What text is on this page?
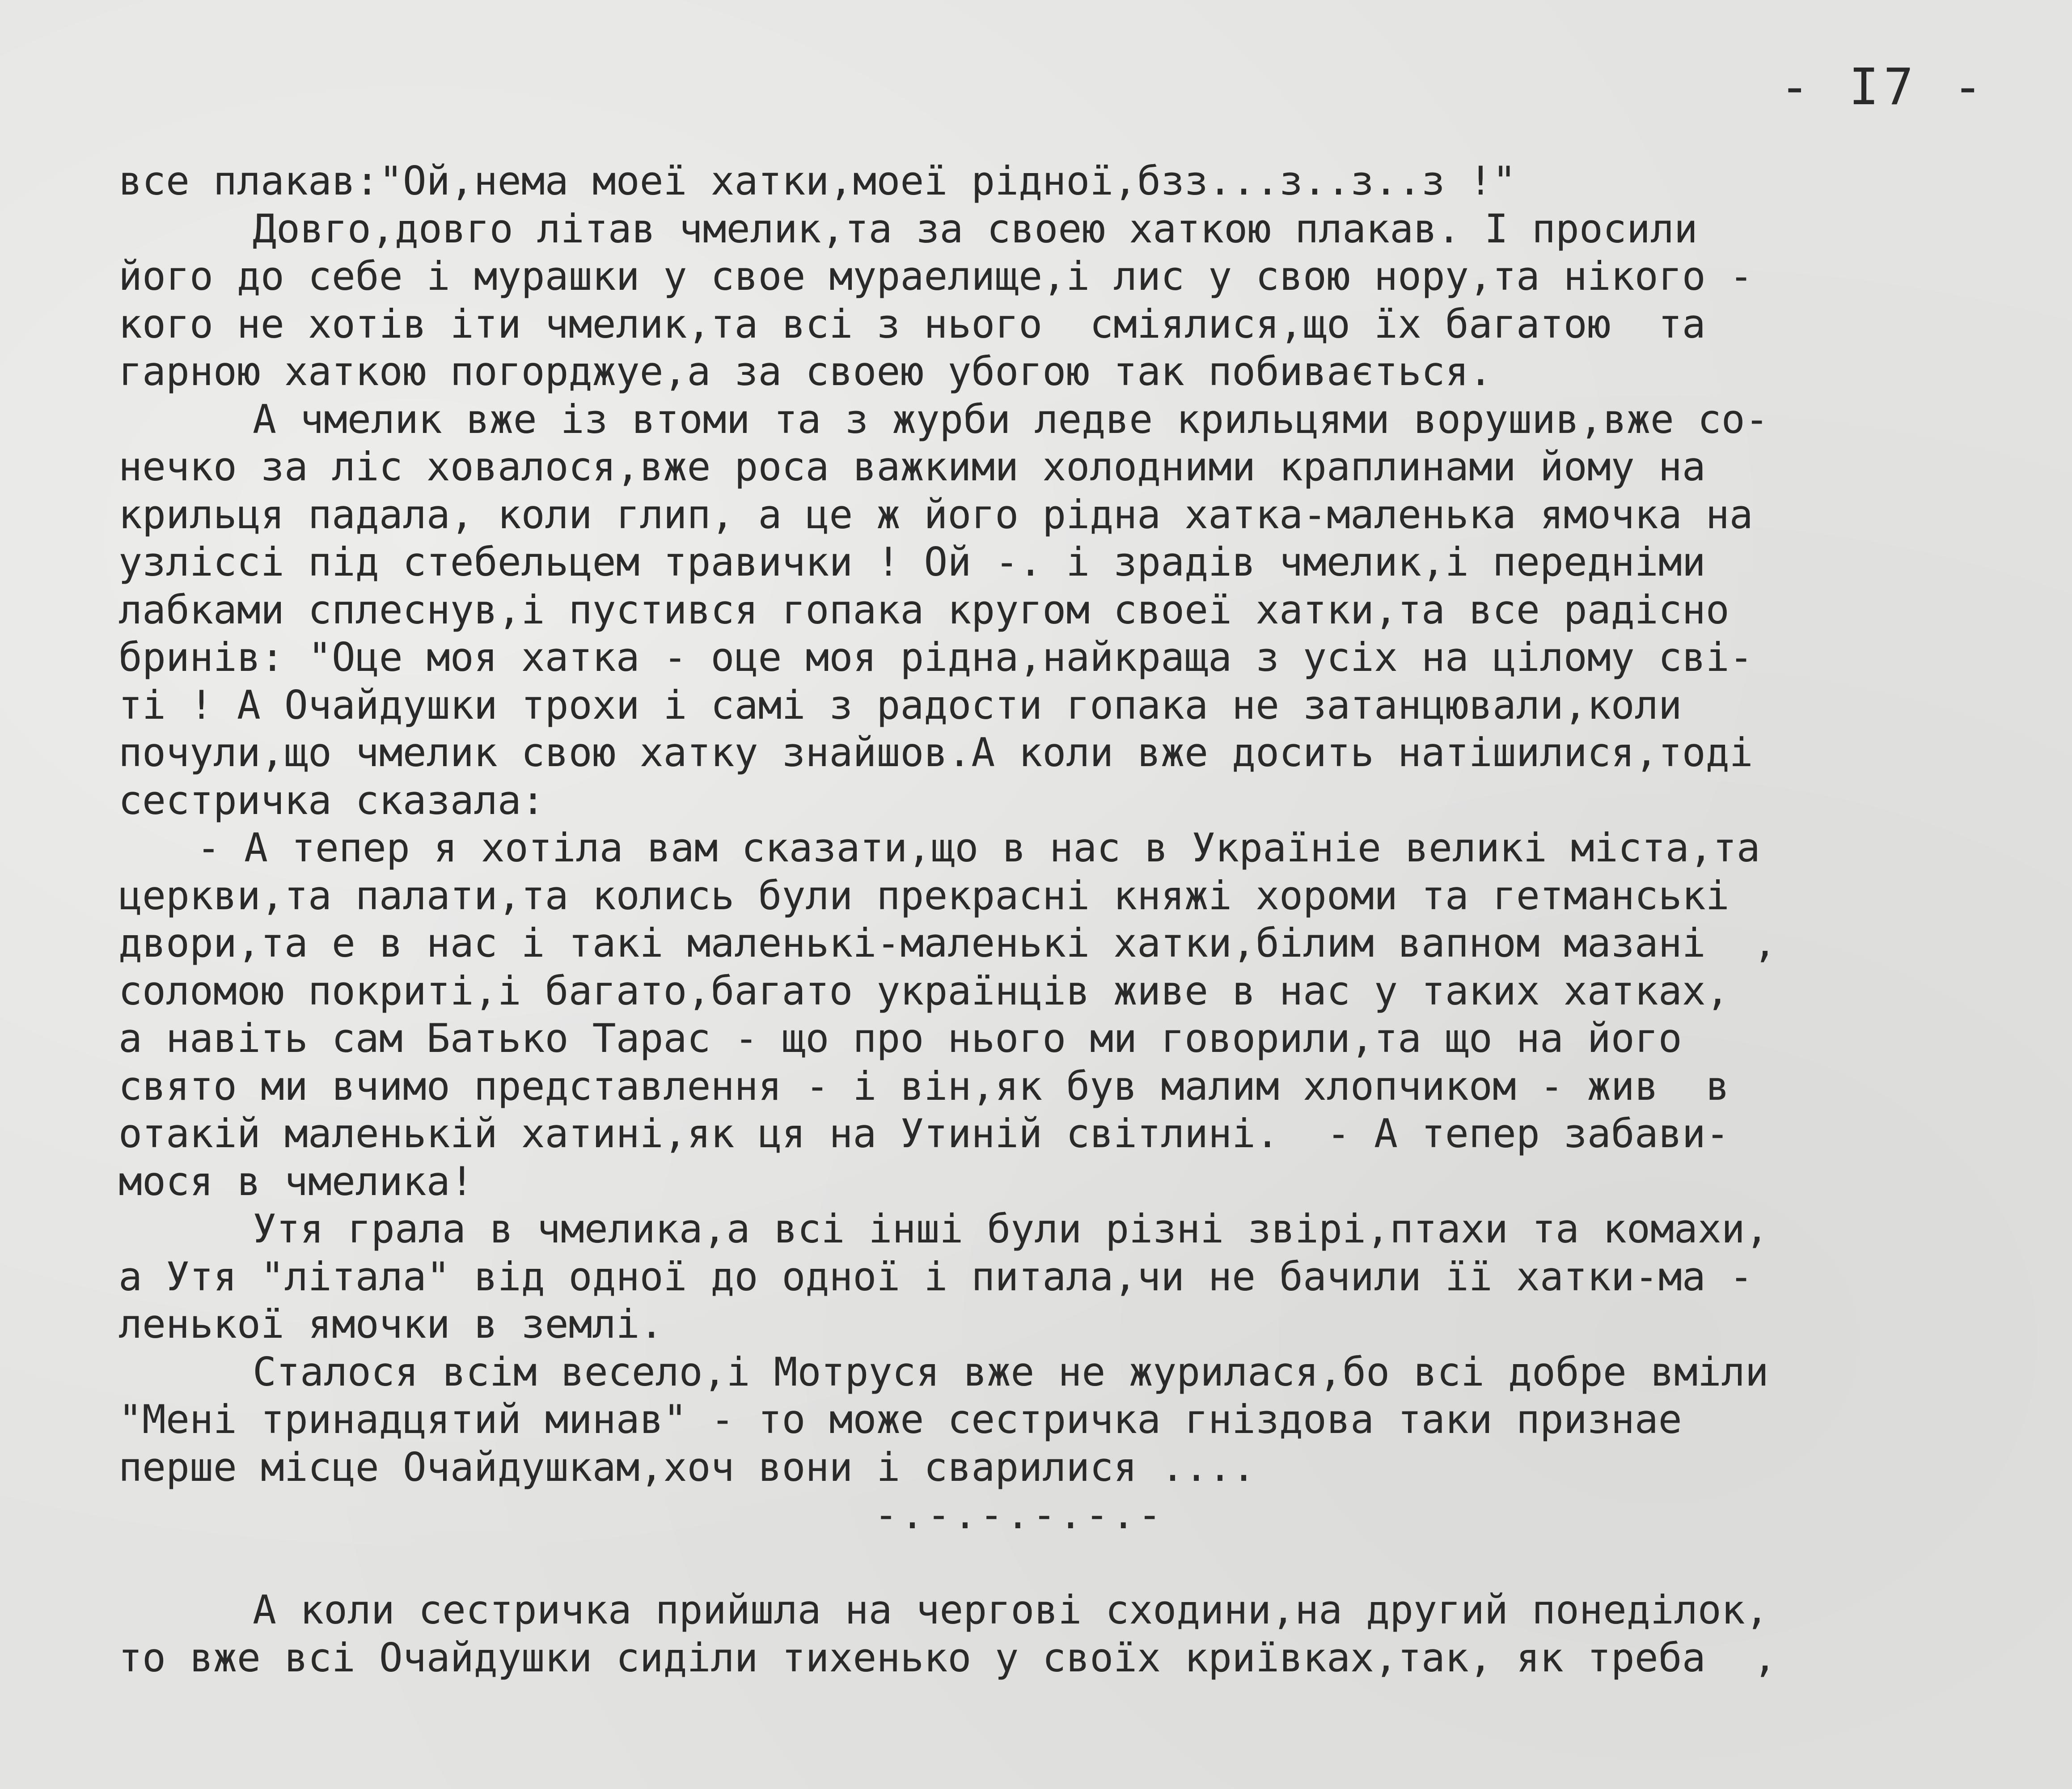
- I7 -
все плакав:"Ой,нема моеї хатки,моеї рідної,бзз...з..з..з !"
Довго,довго літав чмелик,та за своею хаткою плакав. І просили
його до себе і мурашки у свое мураелище,і лис у свою нору,та нікого -
кого не хотів іти чмелик,та всі з нього  сміялися,що їх багатою  та
гарною хаткою погорджуе,а за своею убогою так побивається.
А чмелик вже із втоми та з журби ледве крильцями ворушив,вже со-
нечко за ліс ховалося,вже роса важкими холодними краплинами йому на
крильця падала, коли глип, а це ж його рідна хатка-маленька ямочка на
узліссі під стебельцем травички ! Ой -. і зрадів чмелик,і передніми
лабками сплеснув,і пустився гопака кругом своеї хатки,та все радісно
бринів: "Оце моя хатка - оце моя рідна,найкраща з усіх на цілому сві-
ті ! А Очайдушки трохи і самі з радости гопака не затанцювали,коли
почули,що чмелик свою хатку знайшов.А коли вже досить натішилися,тоді
сестричка сказала:
- А тепер я хотіла вам сказати,що в нас в Україніе великі міста,та
церкви,та палати,та колись були прекрасні княжі хороми та гетманські
двори,та е в нас і такі маленькі-маленькі хатки,білим вапном мазані  ,
соломою покриті,і багато,багато українців живе в нас у таких хатках,
а навіть сам Батько Тарас - що про нього ми говорили,та що на його
свято ми вчимо представлення - і він,як був малим хлопчиком - жив  в
отакій маленькій хатині,як ця на Утиній світлині.  - А тепер забави-
мося в чмелика!
Утя грала в чмелика,а всі інші були різні звірі,птахи та комахи,
а Утя "літала" від одної до одної і питала,чи не бачили її хатки-ма -
ленької ямочки в землі.
Сталося всім весело,і Мотруся вже не журилася,бо всі добре вміли
"Мені тринадцятий минав" - то може сестричка гніздова таки признае
перше місце Очайдушкам,хоч вони і сварилися ....
-.-.-.-.-.-
А коли сестричка прийшла на чергові сходини,на другий понеділок,
то вже всі Очайдушки сиділи тихенько у своїх криївках,так, як треба  ,
